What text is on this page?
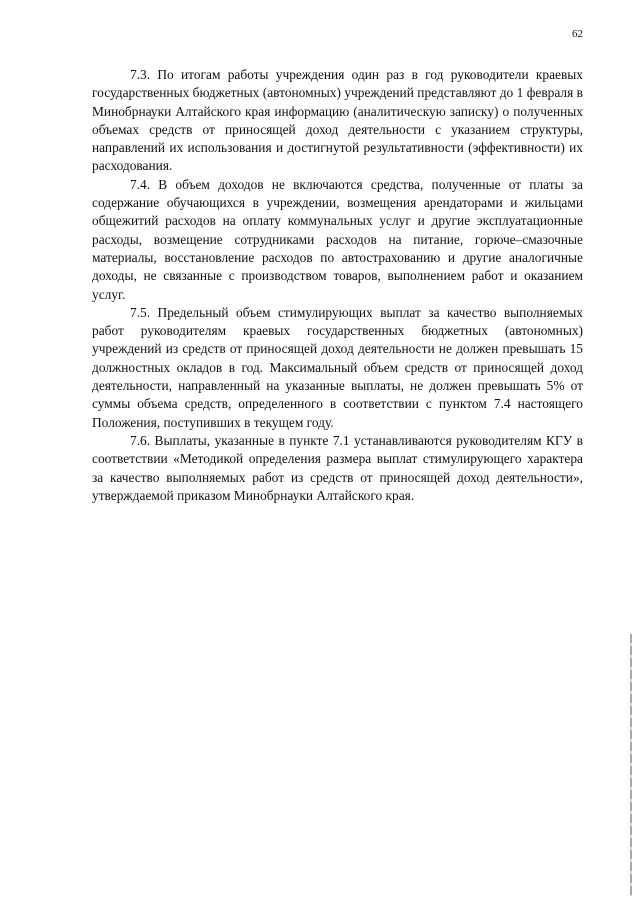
62

7.3. По итогам работы учреждения один раз в год руководители краевых государственных бюджетных (автономных) учреждений представляют до 1 февраля в Минобрнауки Алтайского края информацию (аналитическую записку) о полученных объемах средств от приносящей доход деятельности с указанием структуры, направлений их использования и достигнутой результативности (эффективности) их расходования.

7.4. В объем доходов не включаются средства, полученные от платы за содержание обучающихся в учреждении, возмещения арендаторами и жильцами общежитий расходов на оплату коммунальных услуг и другие эксплуатационные расходы, возмещение сотрудниками расходов на питание, горюче–смазочные материалы, восстановление расходов по автострахованию и другие аналогичные доходы, не связанные с производством товаров, выполнением работ и оказанием услуг.

7.5. Предельный объем стимулирующих выплат за качество выполняемых работ руководителям краевых государственных бюджетных (автономных) учреждений из средств от приносящей доход деятельности не должен превышать 15 должностных окладов в год. Максимальный объем средств от приносящей доход деятельности, направленный на указанные выплаты, не должен превышать 5% от суммы объема средств, определенного в соответствии с пунктом 7.4 настоящего Положения, поступивших в текущем году.

7.6. Выплаты, указанные в пункте 7.1 устанавливаются руководителям КГУ в соответствии «Методикой определения размера выплат стимулирующего характера за качество выполняемых работ из средств от приносящей доход деятельности», утверждаемой приказом Минобрнауки Алтайского края.
